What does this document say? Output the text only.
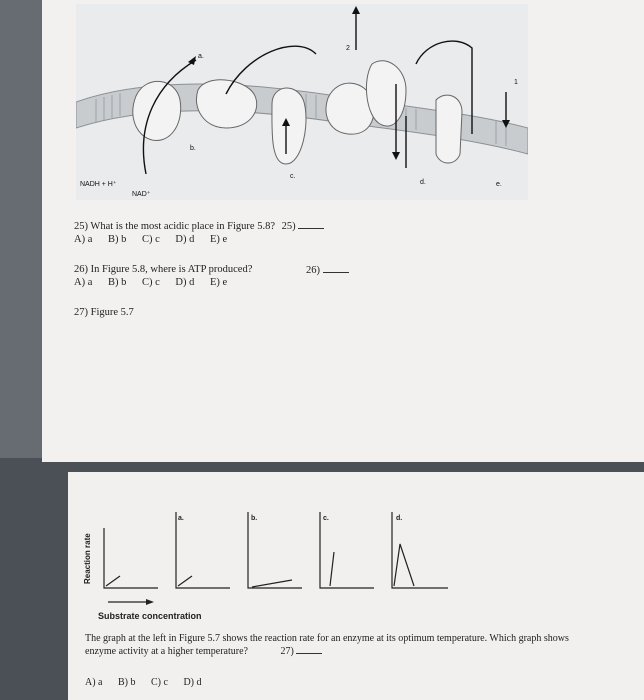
a.
b.
c.
d.	e.
1
2
NADH + H⁺
NAD⁺
25) What is the most acidic place in Figure 5.8? 25)
A) a B) b C) c D) d E) e
26) In Figure 5.8, where is ATP produced?	26)
A) a B) b C) c D) d E) e
27) Figure 5.7
Reaction rate
a.	b.	c.	d.
Substrate concentration
The graph at the left in Figure 5.7 shows the reaction rate for an enzyme at its optimum temperature. Which graph shows
enzyme activity at a higher temperature?	27)
A) a B) b C) c D) d
